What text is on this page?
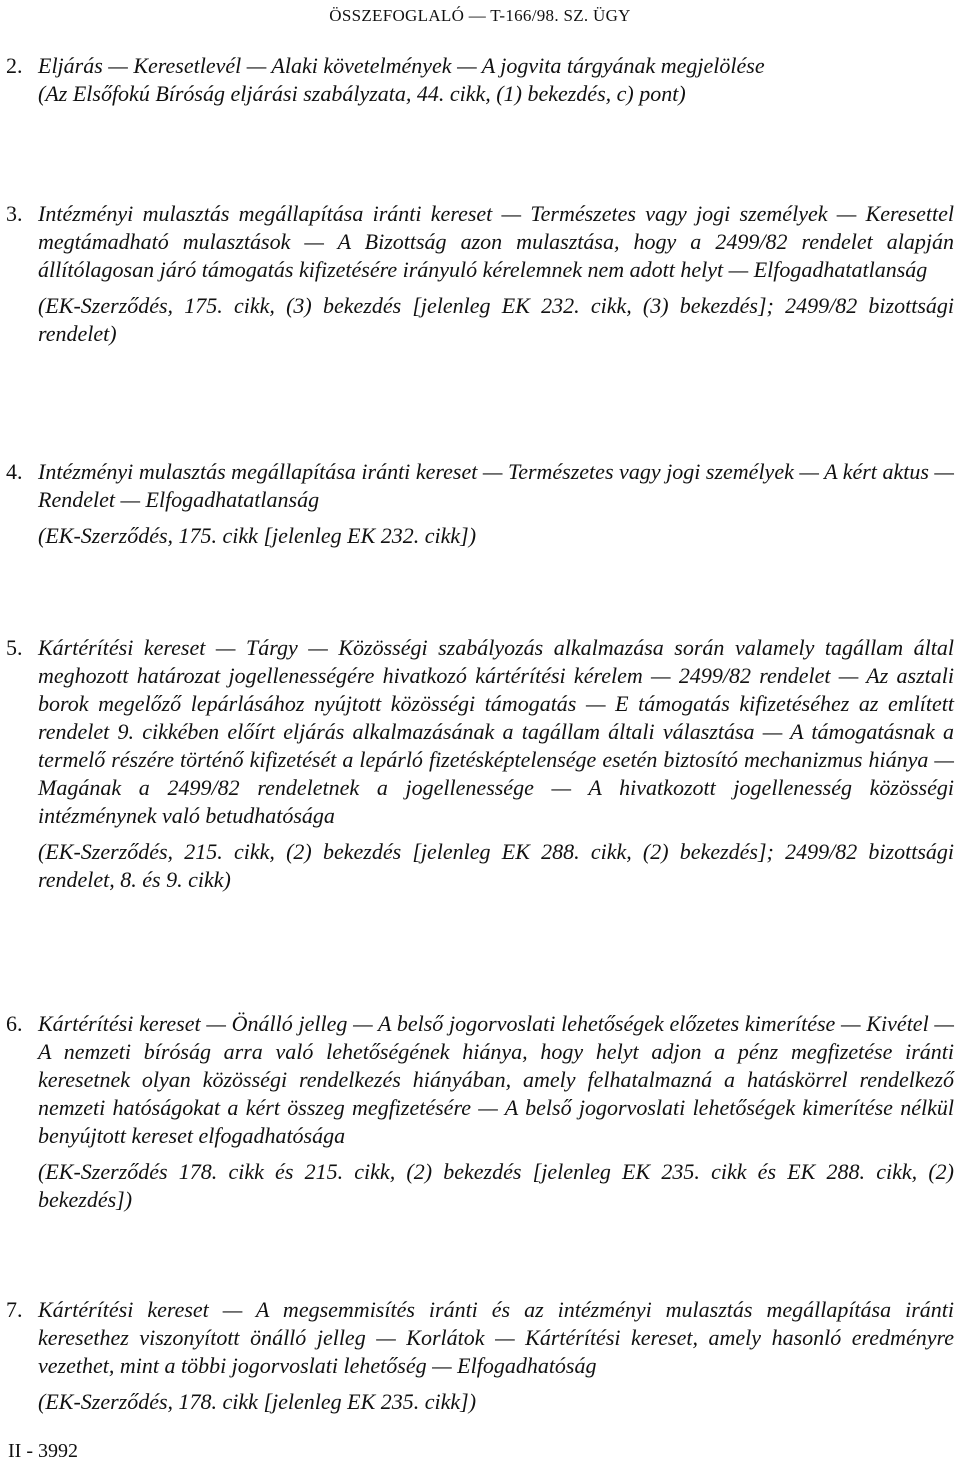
ÖSSZEFOGLALÓ — T-166/98. SZ. ÜGY
2. Eljárás — Keresetlevél — Alaki követelmények — A jogvita tárgyának megjelölése

(Az Elsőfokú Bíróság eljárási szabályzata, 44. cikk, (1) bekezdés, c) pont)

3. Intézményi mulasztás megállapítása iránti kereset — Természetes vagy jogi személyek — Keresettel megtámadható mulasztások — A Bizottság azon mulasztása, hogy a 2499/82 rendelet alapján állítólagosan járó támogatás kifizetésére irányuló kérelemnek nem adott helyt — Elfogadhatatlanság

(EK-Szerződés, 175. cikk, (3) bekezdés [jelenleg EK 232. cikk, (3) bekezdés]; 2499/82 bizottsági rendelet)

4. Intézményi mulasztás megállapítása iránti kereset — Természetes vagy jogi személyek — A kért aktus — Rendelet — Elfogadhatatlanság

(EK-Szerződés, 175. cikk [jelenleg EK 232. cikk])

5. Kártérítési kereset — Tárgy — Közösségi szabályozás alkalmazása során valamely tagállam által meghozott határozat jogellenességére hivatkozó kártérítési kérelem — 2499/82 rendelet — Az asztali borok megelőző lepárlásához nyújtott közösségi támogatás — E támogatás kifizetéséhez az említett rendelet 9. cikkében előírt eljárás alkalmazásának a tagállam általi választása — A támogatásnak a termelő részére történő kifizetését a lepárló fizetésképtelensége esetén biztosító mechanizmus hiánya — Magának a 2499/82 rendeletnek a jogellenessége — A hivatkozott jogellenesség közösségi intézménynek való betudhatósága

(EK-Szerződés, 215. cikk, (2) bekezdés [jelenleg EK 288. cikk, (2) bekezdés]; 2499/82 bizottsági rendelet, 8. és 9. cikk)

6. Kártérítési kereset — Önálló jelleg — A belső jogorvoslati lehetőségek előzetes kimerítése — Kivétel — A nemzeti bíróság arra való lehetőségének hiánya, hogy helyt adjon a pénz megfizetése iránti keresetnek olyan közösségi rendelkezés hiányában, amely felhatalmazná a hatáskörrel rendelkező nemzeti hatóságokat a kért összeg megfizetésére — A belső jogorvoslati lehetőségek kimerítése nélkül benyújtott kereset elfogadhatósága

(EK-Szerződés 178. cikk és 215. cikk, (2) bekezdés [jelenleg EK 235. cikk és EK 288. cikk, (2) bekezdés])

7. Kártérítési kereset — A megsemmisítés iránti és az intézményi mulasztás megállapítása iránti keresethez viszonyított önálló jelleg — Korlátok — Kártérítési kereset, amely hasonló eredményre vezethet, mint a többi jogorvoslati lehetőség — Elfogadhatóság

(EK-Szerződés, 178. cikk [jelenleg EK 235. cikk])

II - 3992
